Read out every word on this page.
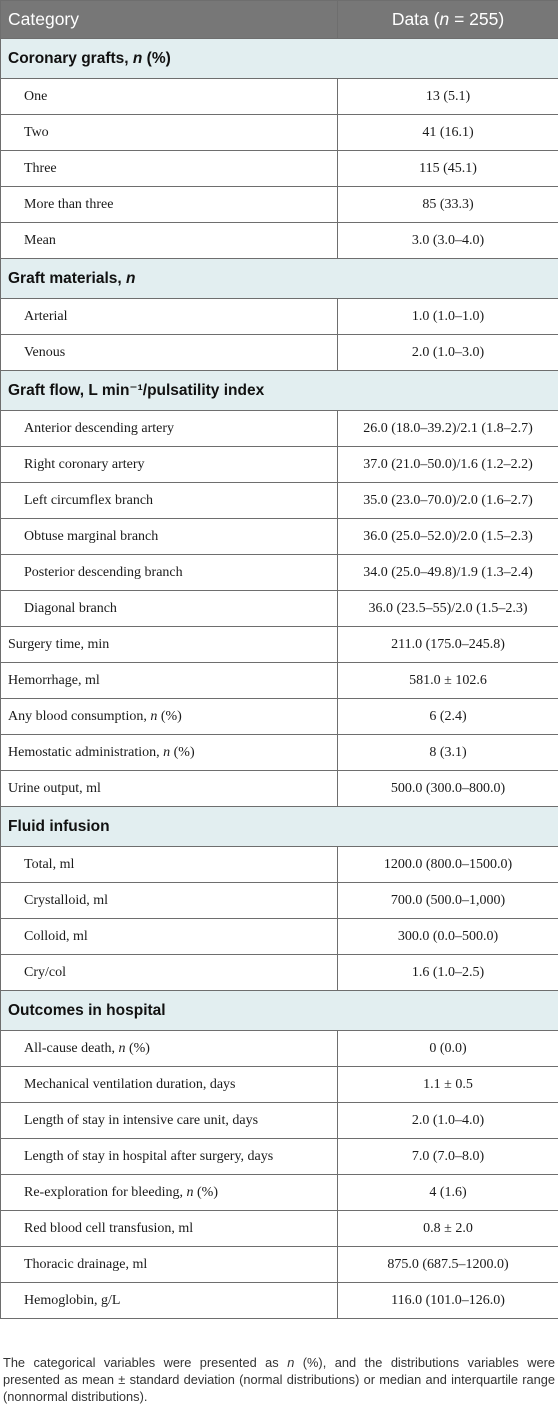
Category	Data (n = 255)
Coronary grafts, n (%)	
One	13 (5.1)
Two	41 (16.1)
Three	115 (45.1)
More than three	85 (33.3)
Mean	3.0 (3.0–4.0)
Graft materials, n	
Arterial	1.0 (1.0–1.0)
Venous	2.0 (1.0–3.0)
Graft flow, L min⁻¹/pulsatility index	
Anterior descending artery	26.0 (18.0–39.2)/2.1 (1.8–2.7)
Right coronary artery	37.0 (21.0–50.0)/1.6 (1.2–2.2)
Left circumflex branch	35.0 (23.0–70.0)/2.0 (1.6–2.7)
Obtuse marginal branch	36.0 (25.0–52.0)/2.0 (1.5–2.3)
Posterior descending branch	34.0 (25.0–49.8)/1.9 (1.3–2.4)
Diagonal branch	36.0 (23.5–55)/2.0 (1.5–2.3)
Surgery time, min	211.0 (175.0–245.8)
Hemorrhage, ml	581.0 ± 102.6
Any blood consumption, n (%)	6 (2.4)
Hemostatic administration, n (%)	8 (3.1)
Urine output, ml	500.0 (300.0–800.0)
Fluid infusion	
Total, ml	1200.0 (800.0–1500.0)
Crystalloid, ml	700.0 (500.0–1,000)
Colloid, ml	300.0 (0.0–500.0)
Cry/col	1.6 (1.0–2.5)
Outcomes in hospital	
All-cause death, n (%)	0 (0.0)
Mechanical ventilation duration, days	1.1 ± 0.5
Length of stay in intensive care unit, days	2.0 (1.0–4.0)
Length of stay in hospital after surgery, days	7.0 (7.0–8.0)
Re-exploration for bleeding, n (%)	4 (1.6)
Red blood cell transfusion, ml	0.8 ± 2.0
Thoracic drainage, ml	875.0 (687.5–1200.0)
Hemoglobin, g/L	116.0 (101.0–126.0)
The categorical variables were presented as n (%), and the distributions variables were presented as mean ± standard deviation (normal distributions) or median and interquartile range (nonnormal distributions).
